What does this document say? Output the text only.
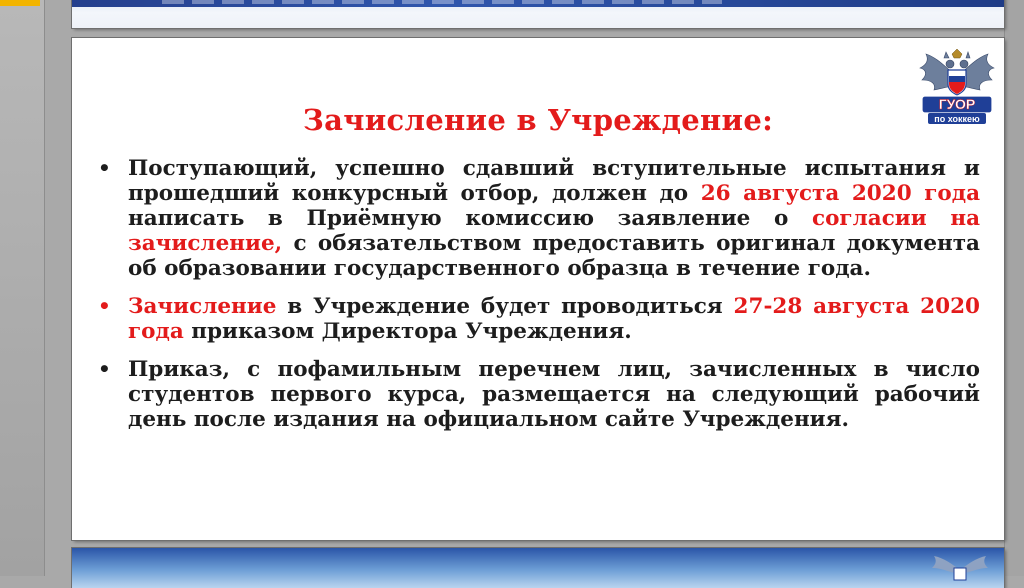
ГУОР
по хоккею
Зачисление в Учреждение:
• Поступающий, успешно сдавший вступительные испытания и прошедший конкурсный отбор, должен до 26 августа 2020 года написать в Приёмную комиссию заявление о согласии на зачисление, с обязательством предоставить оригинал документа об образовании государственного образца в течение года.
• Зачисление в Учреждение будет проводиться 27-28 августа 2020 года приказом Директора Учреждения.
• Приказ, с пофамильным перечнем лиц, зачисленных в число студентов первого курса, размещается на следующий рабочий день после издания на официальном сайте Учреждения.
